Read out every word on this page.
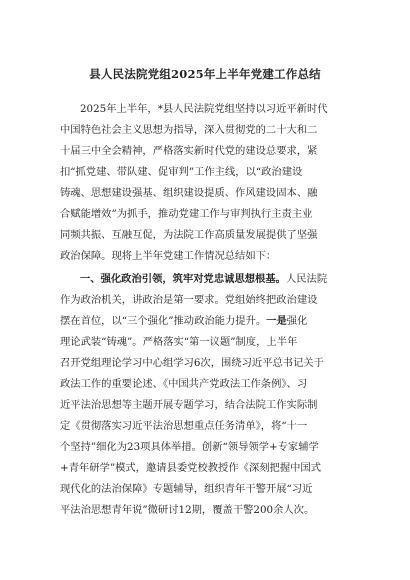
县人民法院党组2025年上半年党建工作总结
2025年上半年，*县人民法院党组坚持以习近平新时代
中国特色社会主义思想为指导，深入贯彻党的二十大和二
十届三中全会精神，严格落实新时代党的建设总要求，紧
扣“抓党建、带队建、促审判”工作主线，以“政治建设
铸魂、思想建设强基、组织建设提质、作风建设固本、融
合赋能增效”为抓手，推动党建工作与审判执行主责主业
同频共振、互融互促，为法院工作高质量发展提供了坚强
政治保障。现将上半年党建工作情况总结如下：
一、强化政治引领，筑牢对党忠诚思想根基。人民法院
作为政治机关，讲政治是第一要求。党组始终把政治建设
摆在首位，以“三个强化”推动政治能力提升。一是强化
理论武装“铸魂”。严格落实“第一议题”制度，上半年
召开党组理论学习中心组学习6次，围绕习近平总书记关于
政法工作的重要论述、《中国共产党政法工作条例》、习
近平法治思想等主题开展专题学习，结合法院工作实际制
定《贯彻落实习近平法治思想重点任务清单》，将“十一
个坚持”细化为23项具体举措。创新“领导领学+专家辅学
+青年研学”模式，邀请县委党校教授作《深刻把握中国式
现代化的法治保障》专题辅导，组织青年干警开展“习近
平法治思想青年说”微研讨12期，覆盖干警200余人次。
